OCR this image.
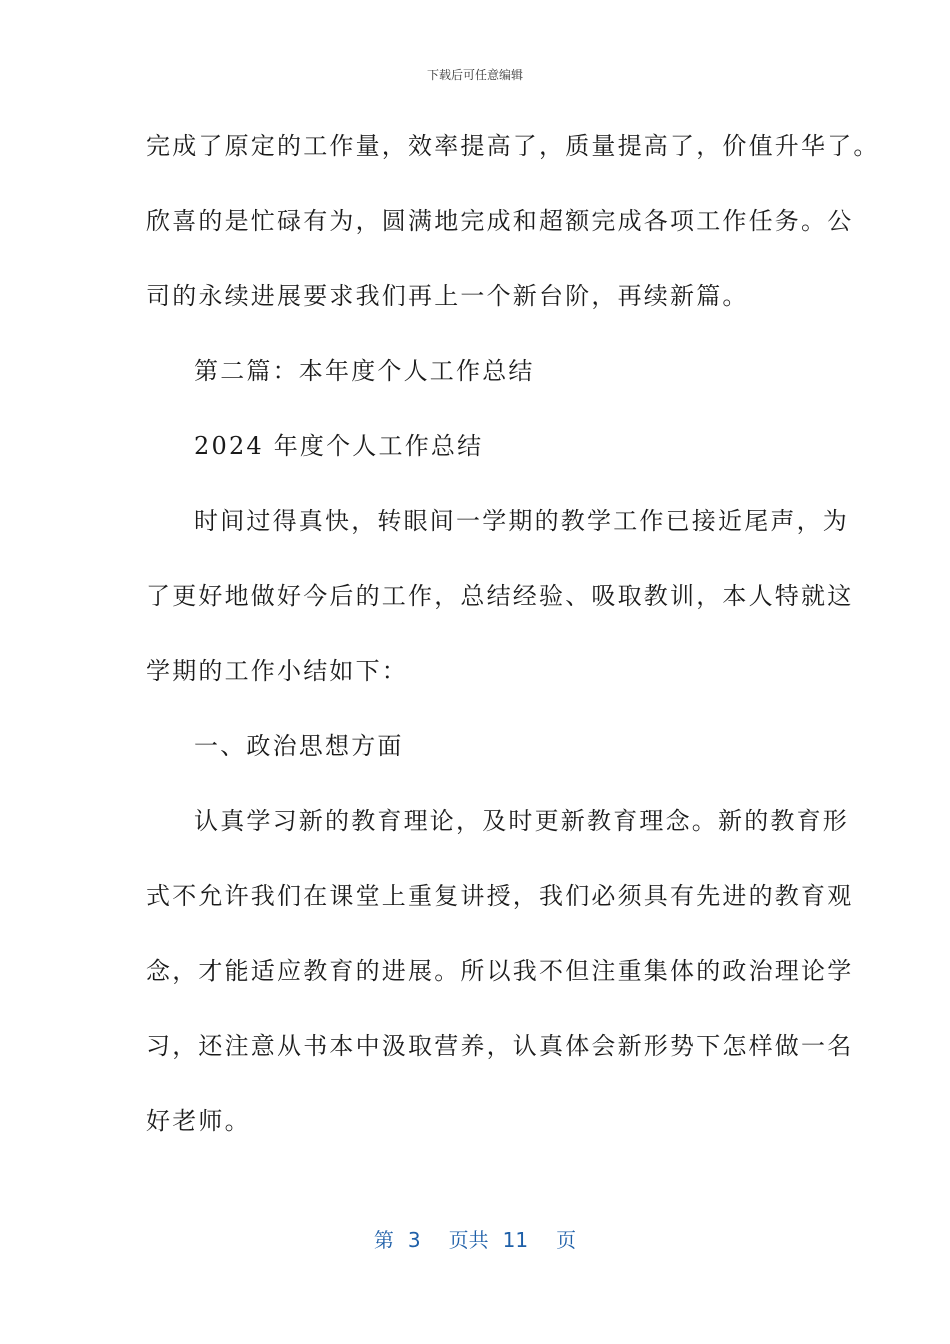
下载后可任意编辑
完成了原定的工作量，效率提高了，质量提高了，价值升华了。
欣喜的是忙碌有为，圆满地完成和超额完成各项工作任务。公
司的永续进展要求我们再上一个新台阶，再续新篇。
第二篇：本年度个人工作总结
2024 年度个人工作总结
时间过得真快，转眼间一学期的教学工作已接近尾声，为
了更好地做好今后的工作，总结经验、吸取教训，本人特就这
学期的工作小结如下：
一、政治思想方面
认真学习新的教育理论，及时更新教育理念。新的教育形
式不允许我们在课堂上重复讲授，我们必须具有先进的教育观
念，才能适应教育的进展。所以我不但注重集体的政治理论学
习，还注意从书本中汲取营养，认真体会新形势下怎样做一名
好老师。
第 3 页共 11 页
